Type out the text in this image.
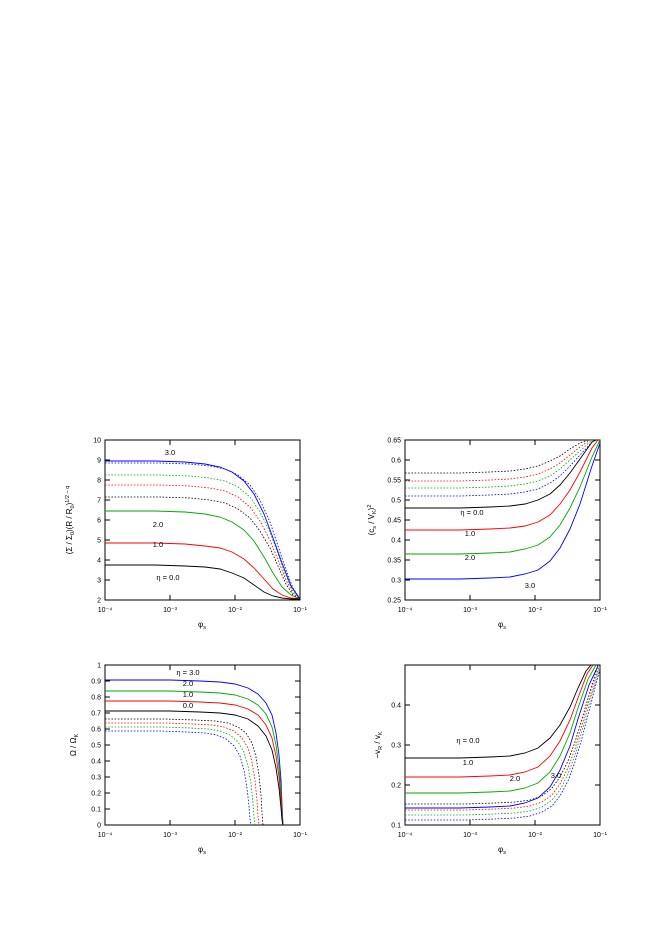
2
3
4
5
6
7
8
9
10
10⁻⁴	10⁻³	10⁻²	10⁻¹
3.0
2.0
1.0
η = 0.0
$\varphi_s$
$(\Sigma / \Sigma_0)(R / R_0)^{1/2 - q}$
0.25
0.3
0.35
0.4
0.45
0.5
0.55
0.6
0.65
10⁻⁴	10⁻³	10⁻²	10⁻¹
η = 0.0
1.0
2.0
3.0
$\varphi_s$
$(c_s / V_K)^2$
0
0.1
0.2
0.3
0.4
0.5
0.6
0.7
0.8
0.9
1
10⁻⁴	10⁻³	10⁻²	10⁻¹
η = 3.0
2.0
1.0
0.0
$\varphi_s$
Ω / $\Omega_K$
0.1
0.2
0.3
0.4
10⁻⁴	10⁻³	10⁻²	10⁻¹
η = 0.0
1.0
2.0	3.0
$\varphi_s$
$-v_R / v_K$
